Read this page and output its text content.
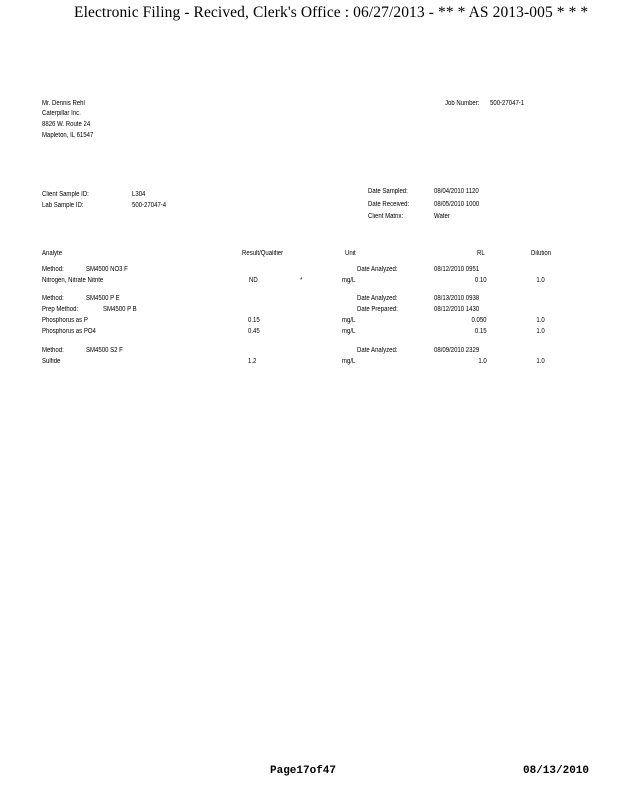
Electronic Filing - Recived, Clerk's Office : 06/27/2013 - ** * AS 2013-005 * * *
Mr. Dennis Rehl
Caterpillar Inc.
8826 W. Route 24
Mapleton, IL 61547
Job Number: 500-27047-1
Client Sample ID:	L304
Lab Sample ID:	500-27047-4
Date Sampled:	08/04/2010 1120
Date Received:	08/05/2010 1000
Client Matrix:	Water
Analyte	Result/Qualifier	Unit	RL	Dilution
Method:	SM4500 NO3 F	Date Analyzed:	08/12/2010 0951
Nitrogen, Nitrate Nitrite	ND	*	mg/L	0.10	1.0
Method:	SM4500 P E	Date Analyzed:	08/13/2010 0938
Prep Method:	SM4500 P B	Date Prepared:	08/12/2010 1430
Phosphorus as P	0.15	mg/L	0.050	1.0
Phosphorus as PO4	0.45	mg/L	0.15	1.0
Method:	SM4500 S2 F	Date Analyzed:	08/09/2010 2329
Sulfide	1.2	mg/L	1.0	1.0
Page17of47	08/13/2010
